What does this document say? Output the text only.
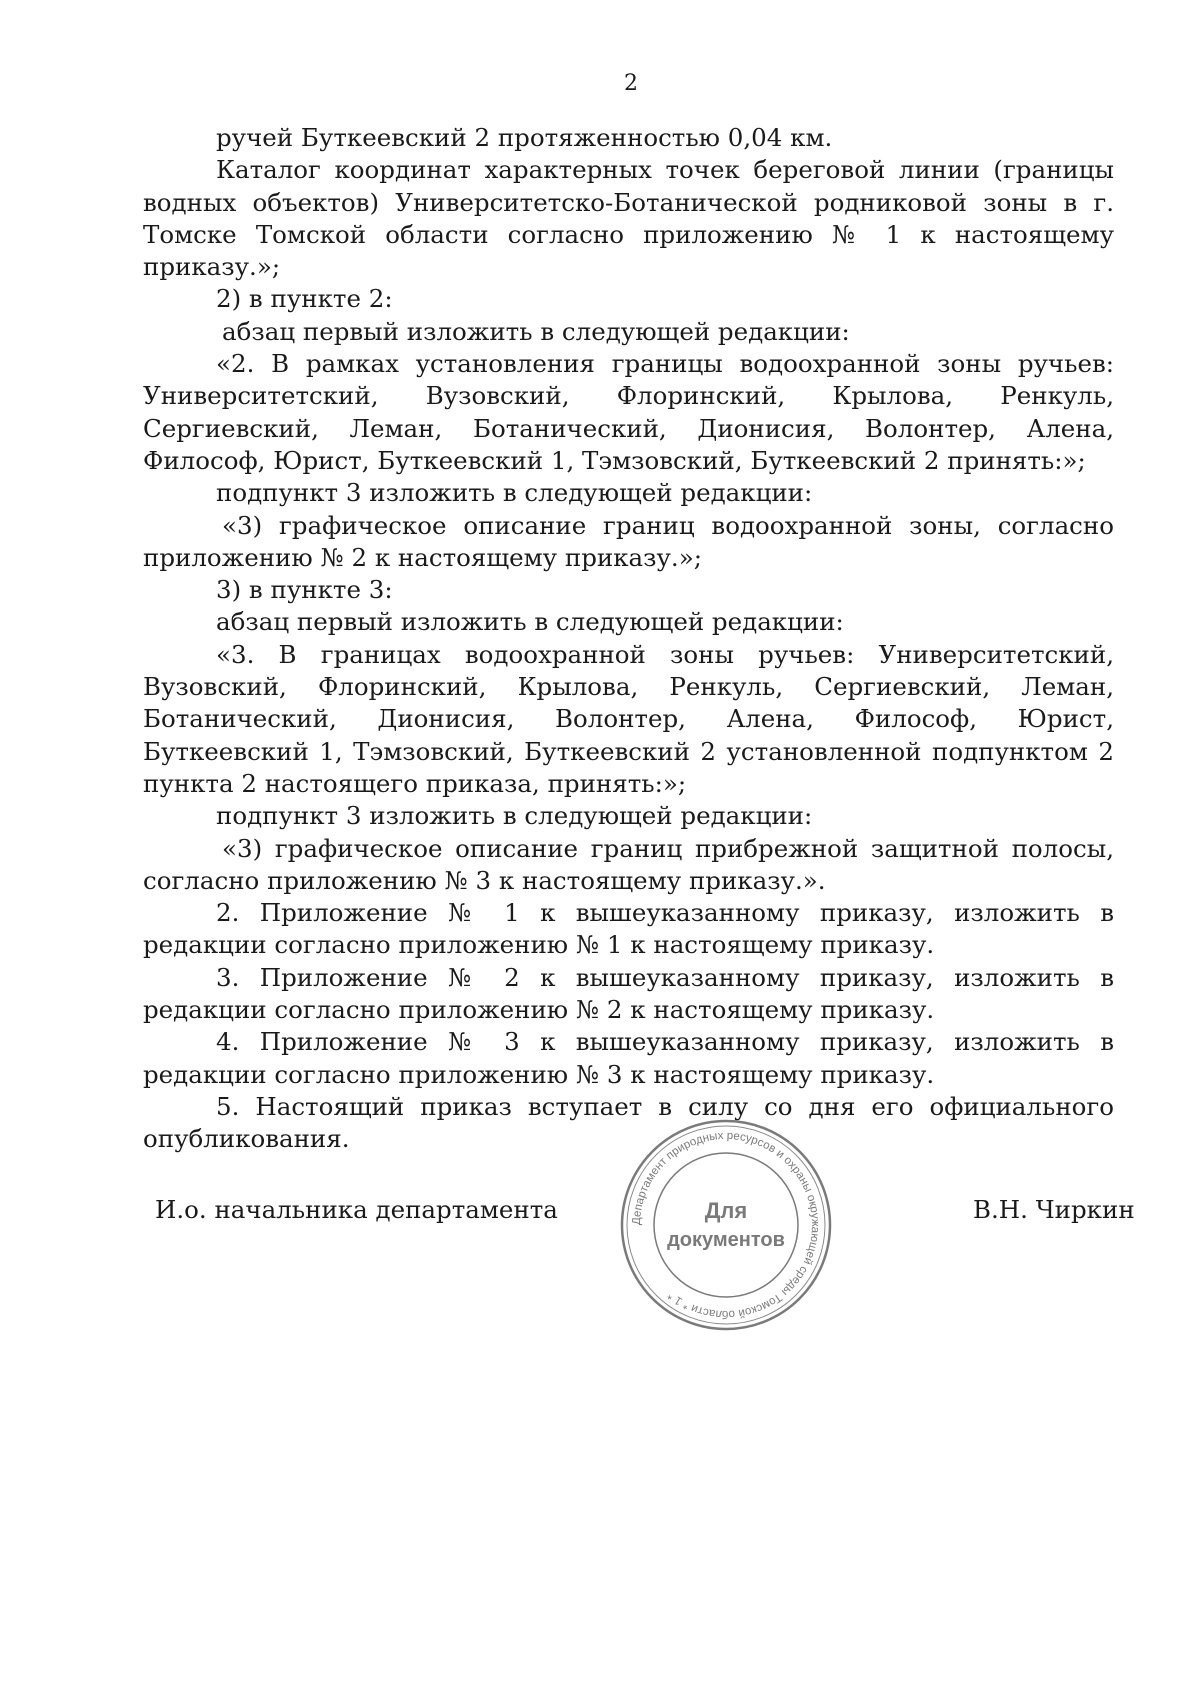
2

ручей Буткеевский 2 протяженностью 0,04 км.

Каталог координат характерных точек береговой линии (границы водных объектов) Университетско-Ботанической родниковой зоны в г. Томске Томской области согласно приложению № 1 к настоящему приказу.»;

2) в пункте 2:

абзац первый изложить в следующей редакции:

«2. В рамках установления границы водоохранной зоны ручьев: Университетский, Вузовский, Флоринский, Крылова, Ренкуль, Сергиевский, Леман, Ботанический, Дионисия, Волонтер, Алена, Философ, Юрист, Буткеевский 1, Тэмзовский, Буткеевский 2 принять:»;

подпункт 3 изложить в следующей редакции:

«3) графическое описание границ водоохранной зоны, согласно приложению № 2 к настоящему приказу.»;

3) в пункте 3:

абзац первый изложить в следующей редакции:

«3. В границах водоохранной зоны ручьев: Университетский, Вузовский, Флоринский, Крылова, Ренкуль, Сергиевский, Леман, Ботанический, Дионисия, Волонтер, Алена, Философ, Юрист, Буткеевский 1, Тэмзовский, Буткеевский 2 установленной подпунктом 2 пункта 2 настоящего приказа, принять:»;

подпункт 3 изложить в следующей редакции:

«3) графическое описание границ прибрежной защитной полосы, согласно приложению № 3 к настоящему приказу.».

2. Приложение № 1 к вышеуказанному приказу, изложить в редакции согласно приложению № 1 к настоящему приказу.

3. Приложение № 2 к вышеуказанному приказу, изложить в редакции согласно приложению № 2 к настоящему приказу.

4. Приложение № 3 к вышеуказанному приказу, изложить в редакции согласно приложению № 3 к настоящему приказу.

5. Настоящий приказ вступает в силу со дня его официального опубликования.

И.о. начальника департамента	В.Н. Чиркин
Департамент природных ресурсов и охраны окружающей среды Томской области * 1 *
Для
документов
